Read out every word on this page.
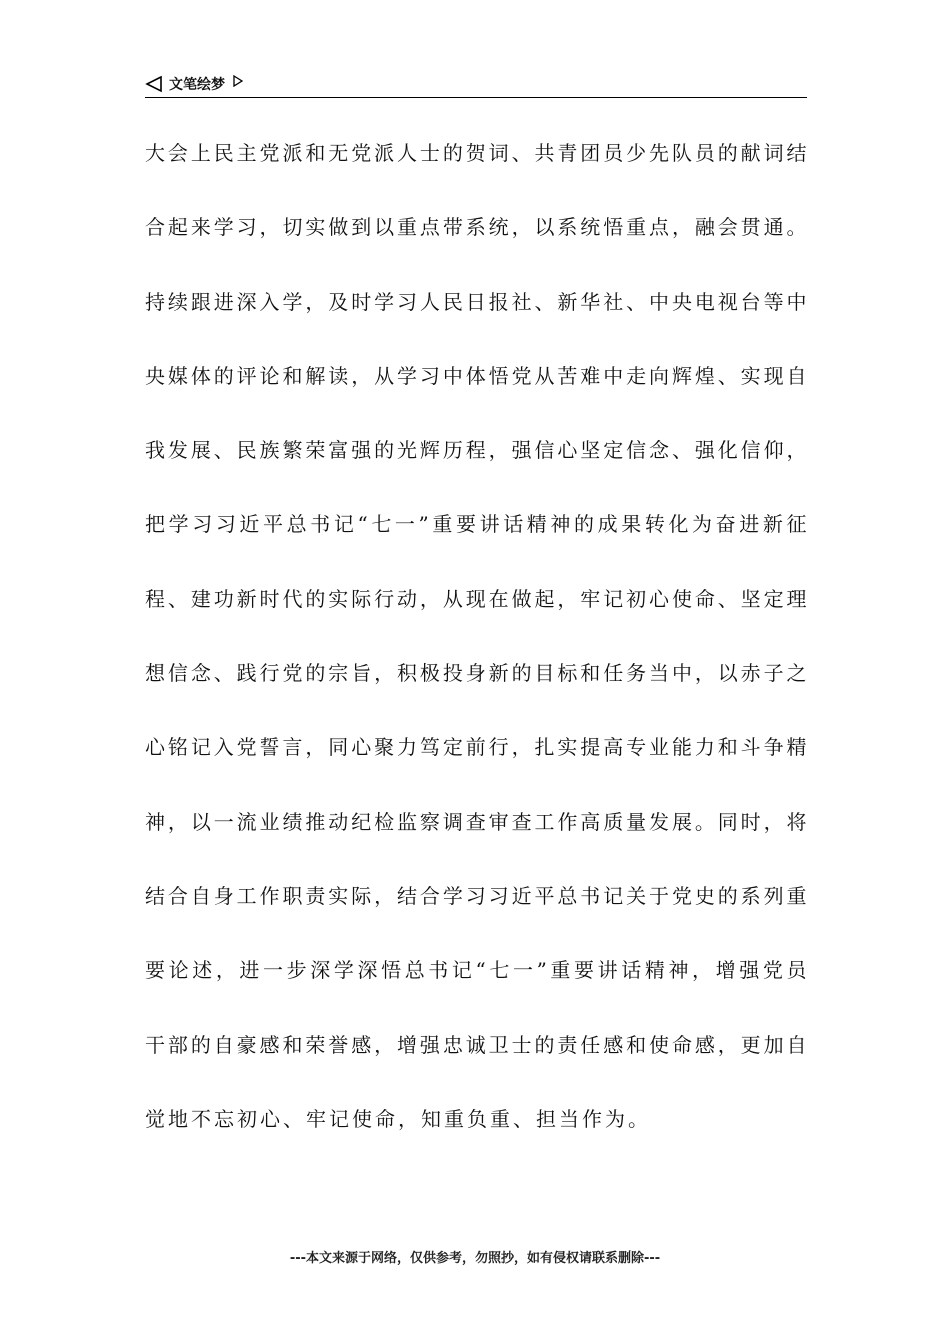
文笔绘梦
大会上民主党派和无党派人士的贺词、共青团员少先队员的献词结
合起来学习，切实做到以重点带系统，以系统悟重点，融会贯通。
持续跟进深入学，及时学习人民日报社、新华社、中央电视台等中
央媒体的评论和解读，从学习中体悟党从苦难中走向辉煌、实现自
我发展、民族繁荣富强的光辉历程，强信心坚定信念、强化信仰，
把学习习近平总书记“七一”重要讲话精神的成果转化为奋进新征
程、建功新时代的实际行动，从现在做起，牢记初心使命、坚定理
想信念、践行党的宗旨，积极投身新的目标和任务当中，以赤子之
心铭记入党誓言，同心聚力笃定前行，扎实提高专业能力和斗争精
神，以一流业绩推动纪检监察调查审查工作高质量发展。同时，将
结合自身工作职责实际，结合学习习近平总书记关于党史的系列重
要论述，进一步深学深悟总书记“七一”重要讲话精神，增强党员
干部的自豪感和荣誉感，增强忠诚卫士的责任感和使命感，更加自
觉地不忘初心、牢记使命，知重负重、担当作为。
---本文来源于网络，仅供参考，勿照抄，如有侵权请联系删除---
